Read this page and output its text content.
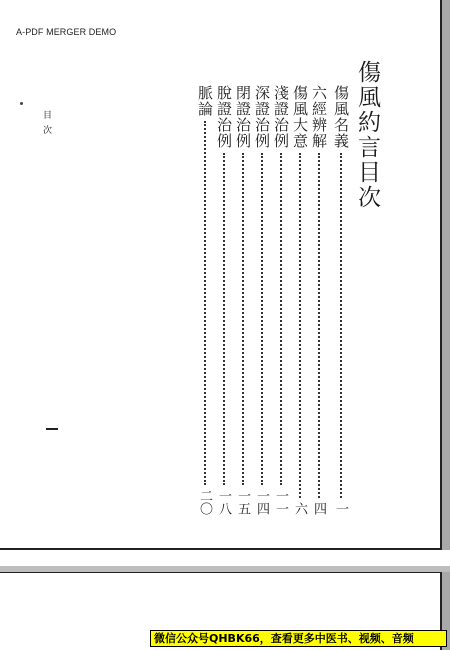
A-PDF MERGER DEMO
傷風約言目次
傷風名義
一
六經辨解
四
傷風大意
六
淺證治例
一一
深證治例
一四
閉證治例
一五
脫證治例
一八
脈論
二〇
目次
微信公众号QHBK66，查看更多中医书、视频、音频
